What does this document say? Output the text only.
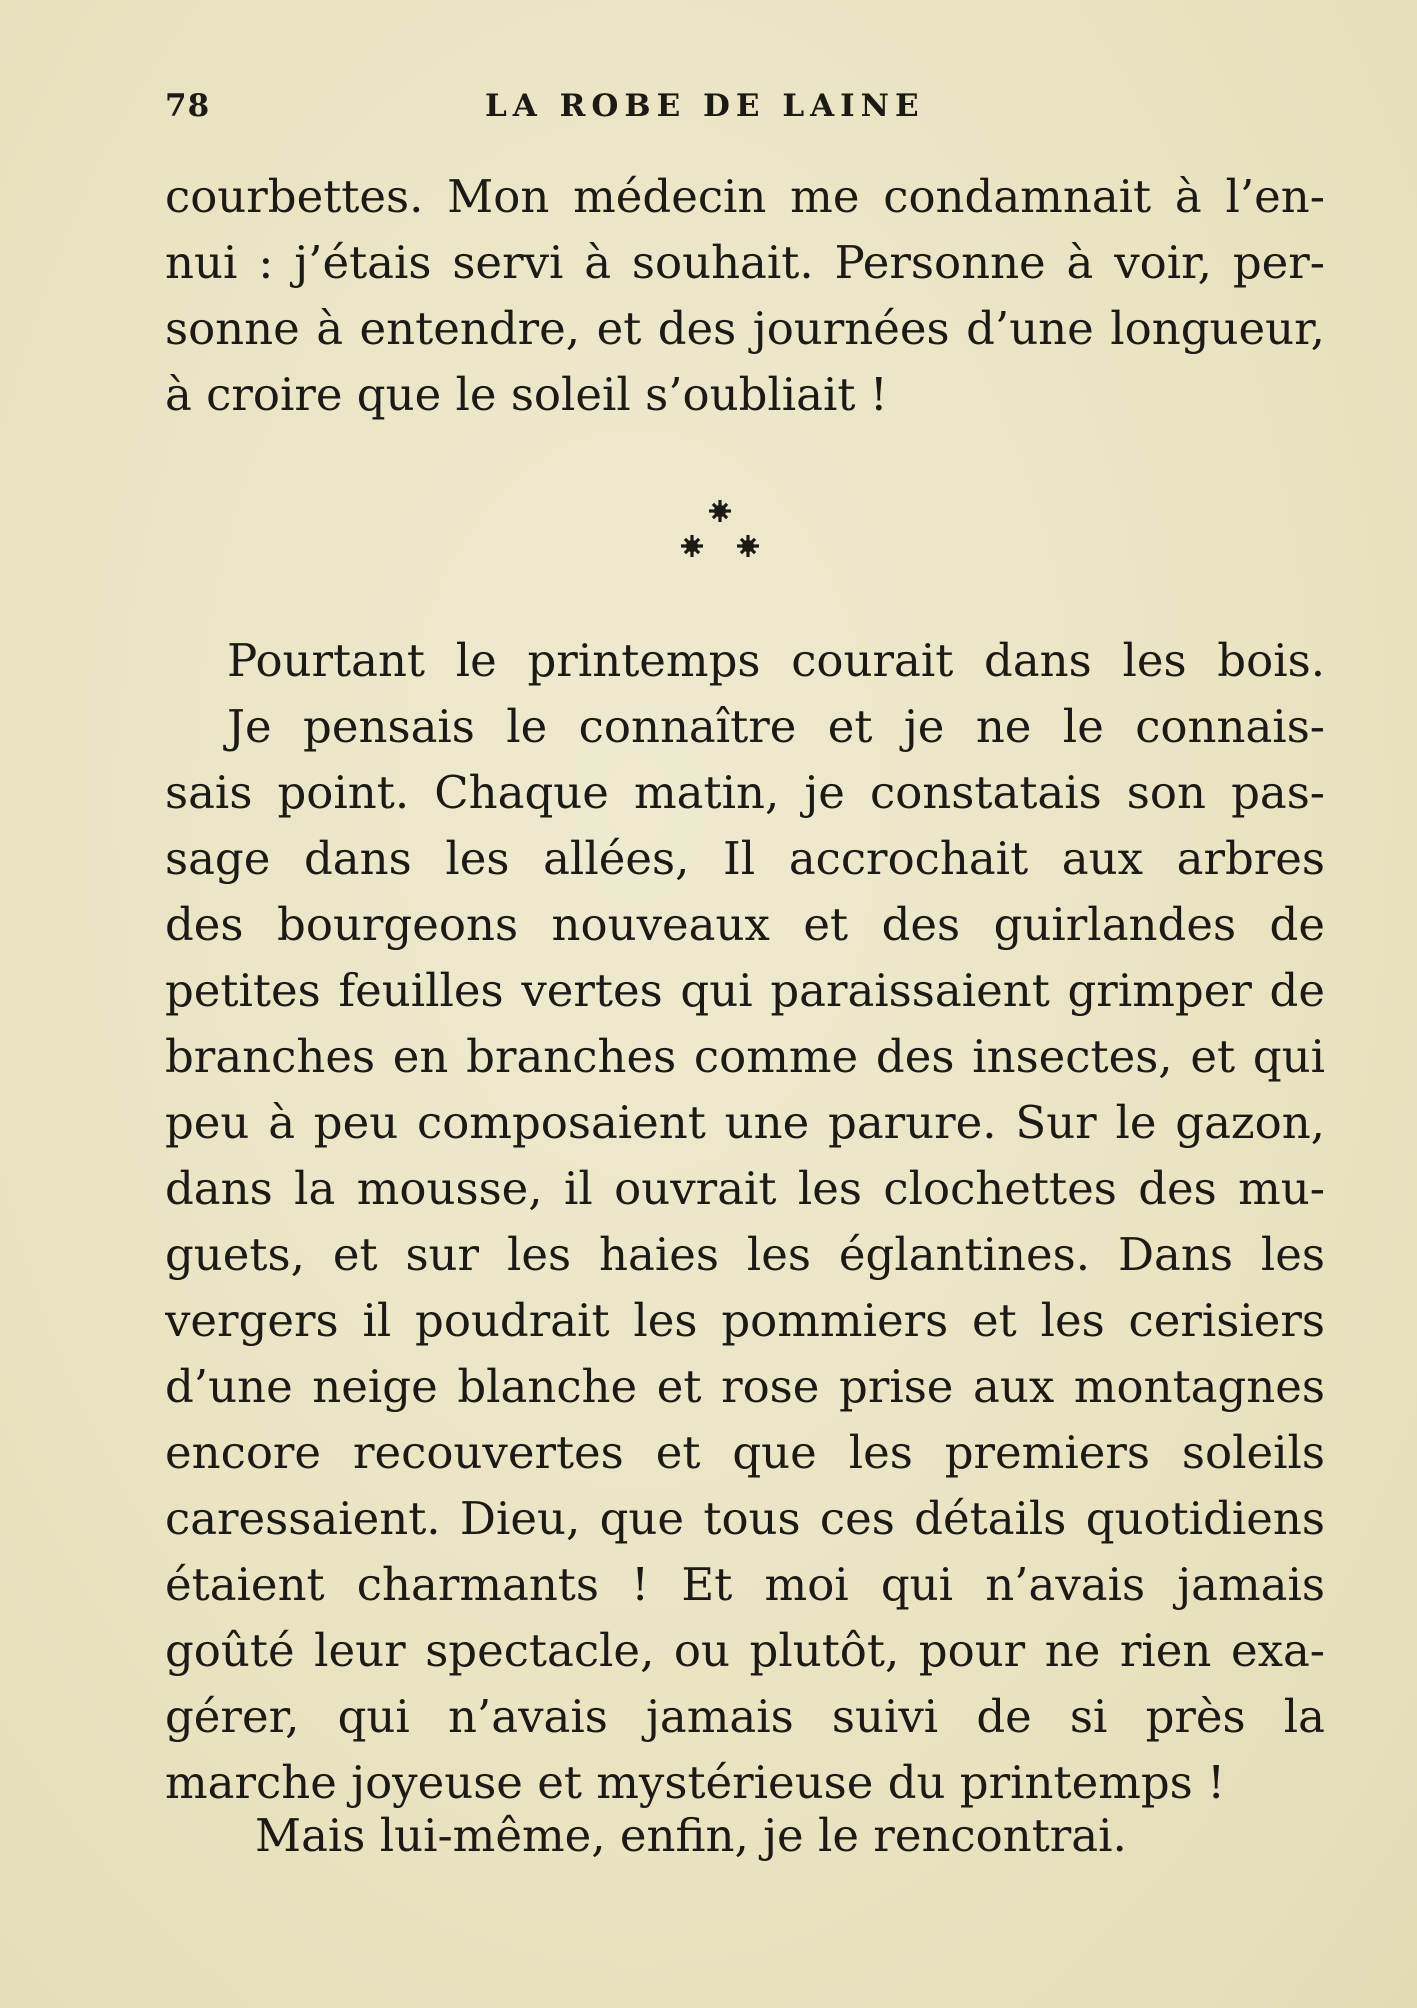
78	LA ROBE DE LAINE
courbettes. Mon médecin me condamnait à l’en-
nui : j’étais servi à souhait. Personne à voir, per-
sonne à entendre, et des journées d’une longueur,
à croire que le soleil s’oubliait !
Pourtant le printemps courait dans les bois.
Je pensais le connaître et je ne le connais-
sais point. Chaque matin, je constatais son pas-
sage dans les allées, Il accrochait aux arbres
des bourgeons nouveaux et des guirlandes de
petites feuilles vertes qui paraissaient grimper de
branches en branches comme des insectes, et qui
peu à peu composaient une parure. Sur le gazon,
dans la mousse, il ouvrait les clochettes des mu-
guets, et sur les haies les églantines. Dans les
vergers il poudrait les pommiers et les cerisiers
d’une neige blanche et rose prise aux montagnes
encore recouvertes et que les premiers soleils
caressaient. Dieu, que tous ces détails quotidiens
étaient charmants ! Et moi qui n’avais jamais
goûté leur spectacle, ou plutôt, pour ne rien exa-
gérer, qui n’avais jamais suivi de si près la
marche joyeuse et mystérieuse du printemps !
Mais lui-même, enfin, je le rencontrai.
